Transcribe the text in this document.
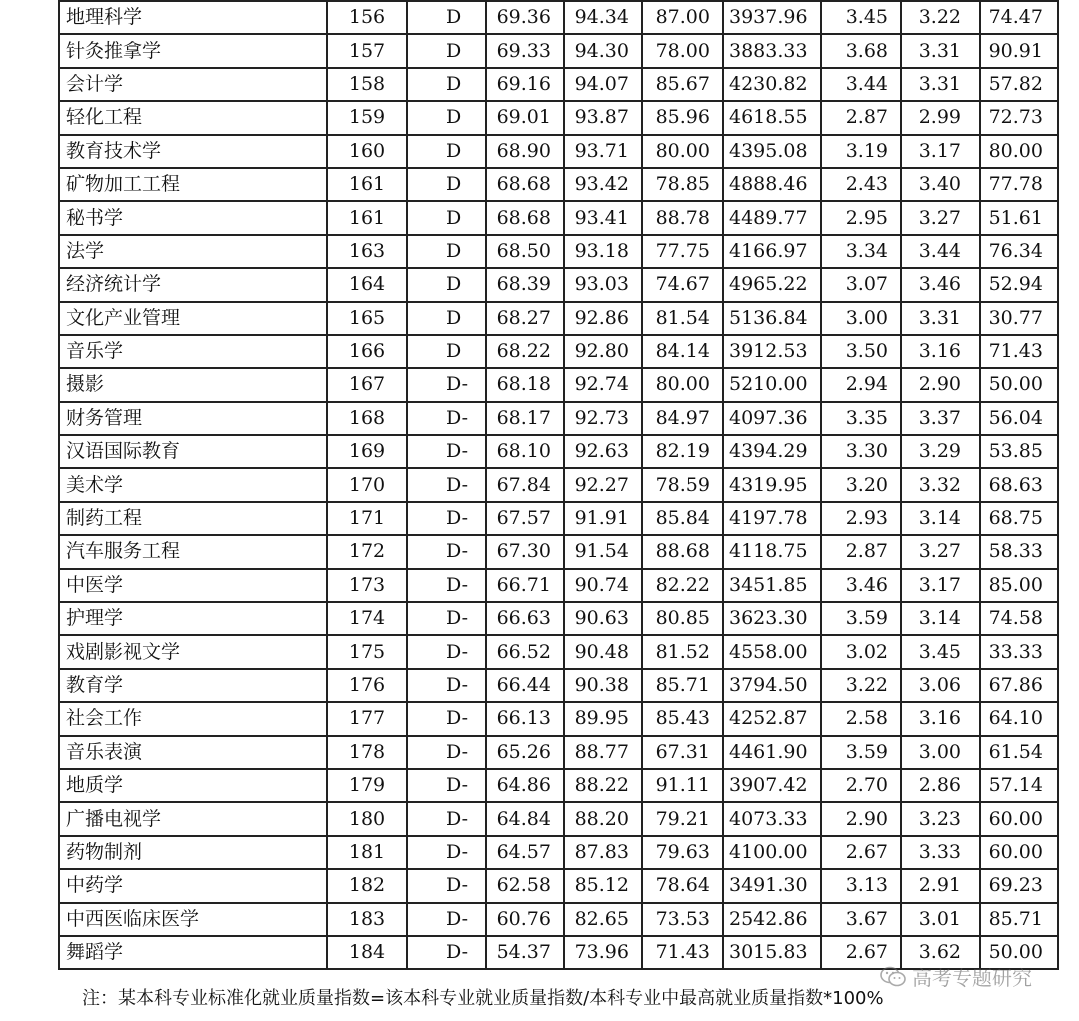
地理科学	156	D	69.36	94.34	87.00	3937.96	3.45	3.22	74.47
针灸推拿学	157	D	69.33	94.30	78.00	3883.33	3.68	3.31	90.91
会计学	158	D	69.16	94.07	85.67	4230.82	3.44	3.31	57.82
轻化工程	159	D	69.01	93.87	85.96	4618.55	2.87	2.99	72.73
教育技术学	160	D	68.90	93.71	80.00	4395.08	3.19	3.17	80.00
矿物加工工程	161	D	68.68	93.42	78.85	4888.46	2.43	3.40	77.78
秘书学	161	D	68.68	93.41	88.78	4489.77	2.95	3.27	51.61
法学	163	D	68.50	93.18	77.75	4166.97	3.34	3.44	76.34
经济统计学	164	D	68.39	93.03	74.67	4965.22	3.07	3.46	52.94
文化产业管理	165	D	68.27	92.86	81.54	5136.84	3.00	3.31	30.77
音乐学	166	D	68.22	92.80	84.14	3912.53	3.50	3.16	71.43
摄影	167	D-	68.18	92.74	80.00	5210.00	2.94	2.90	50.00
财务管理	168	D-	68.17	92.73	84.97	4097.36	3.35	3.37	56.04
汉语国际教育	169	D-	68.10	92.63	82.19	4394.29	3.30	3.29	53.85
美术学	170	D-	67.84	92.27	78.59	4319.95	3.20	3.32	68.63
制药工程	171	D-	67.57	91.91	85.84	4197.78	2.93	3.14	68.75
汽车服务工程	172	D-	67.30	91.54	88.68	4118.75	2.87	3.27	58.33
中医学	173	D-	66.71	90.74	82.22	3451.85	3.46	3.17	85.00
护理学	174	D-	66.63	90.63	80.85	3623.30	3.59	3.14	74.58
戏剧影视文学	175	D-	66.52	90.48	81.52	4558.00	3.02	3.45	33.33
教育学	176	D-	66.44	90.38	85.71	3794.50	3.22	3.06	67.86
社会工作	177	D-	66.13	89.95	85.43	4252.87	2.58	3.16	64.10
音乐表演	178	D-	65.26	88.77	67.31	4461.90	3.59	3.00	61.54
地质学	179	D-	64.86	88.22	91.11	3907.42	2.70	2.86	57.14
广播电视学	180	D-	64.84	88.20	79.21	4073.33	2.90	3.23	60.00
药物制剂	181	D-	64.57	87.83	79.63	4100.00	2.67	3.33	60.00
中药学	182	D-	62.58	85.12	78.64	3491.30	3.13	2.91	69.23
中西医临床医学	183	D-	60.76	82.65	73.53	2542.86	3.67	3.01	85.71
舞蹈学	184	D-	54.37	73.96	71.43	3015.83	2.67	3.62	50.00
高考专题研究
注：某本科专业标准化就业质量指数=该本科专业就业质量指数/本科专业中最高就业质量指数*100%
